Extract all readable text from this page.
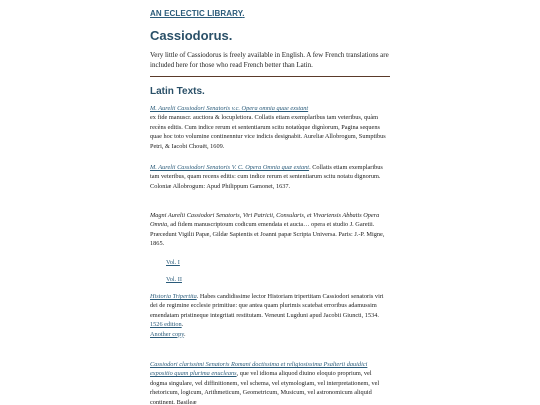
AN ECLECTIC LIBRARY.
Cassiodorus.

Very little of Cassiodorus is freely available in English. A few French translations are included here for those who read French better than Latin.

Latin Texts.

M. Aurelii Cassiodori Senatoris v.c. Opera omnia quae exstant
ex fide manuscr. auctiora & locupletiora. Collatis etiam exemplaribus tam veteribus, quàm recèns editis. Cum indice rerum et sententiarum scitu notatùque dignìorum, Pagina sequens quae hoc toto volumine continenntur vice indicis designabit. Aureliæ Allobrogum, Sumptibus Petri, & Iacobi Chouët, 1609.

M. Aurelii Cassiodori Senatoris V. C. Opera Omnia quæ extant. Collatis etiam exemplaribus tam veteribus, quam recens editis: cum indice rerum et sententiarum scitu notatu dignorum. Coloniæ Allobrogum: Apud Philippum Gamonet, 1637.

Magni Aurelii Cassiodori Senatoris, Viri Patricii, Consularis, et Vivariensis Abbatis Opera Omnia, ad fidem manuscriptoum codicum emendata et aucta… opera et studio J. Garetii. Præcedunt Vigilii Papæ, Gildæ Sapientis et Joanni papæ Scripta Universa. Paris: J.-P. Migne, 1865.

Vol. I
Vol. II

Historia Tripertita. Habes candidissime lector Historiam tripertitam Cassiodori senatoris viri dei de regimine ecclesie primitiue: que antea quam plurimis scatebat erroribus adamussim emendatam pristineque integritati restitutam. Veneunt Lugduni apud Jacobii Giuncti, 1534.
1526 edition.
Another copy.

Cassiodori clarissimi Senatoris Romani doctissima et religiosissima Psalterii dauidici expositio quam plurima enucleans, que vel idioma aliquod diuino eloquio proprium, vel dogma singulare, vel diffinitionem, vel schema, vel etymologiam, vel interpretationem, vel rhetoricum, logicum, Arithmeticum, Geometricum, Musicum, vel astronomicum aliquid continent. Basileæ
